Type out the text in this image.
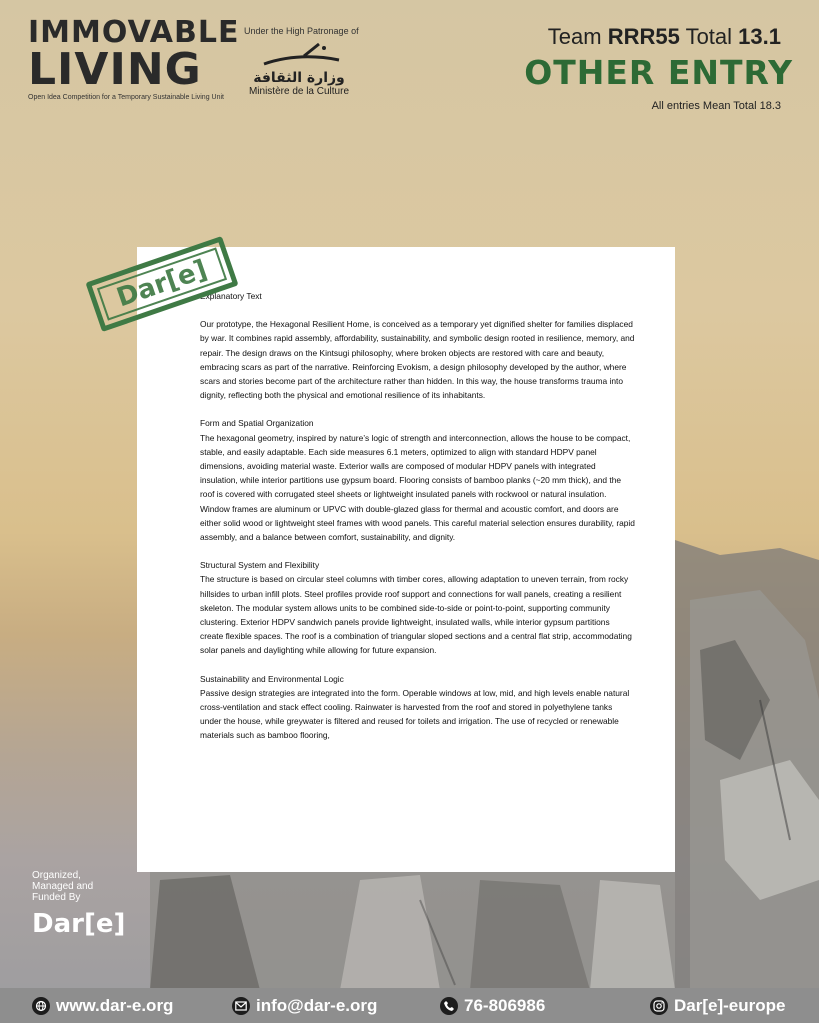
IMMOVABLE
LIVING
Open Idea Competition for a Temporary Sustainable Living Unit
Under the High Patronage of
وزارة الثقافة
Ministère de la Culture
Team RRR55 Total 13.1
OTHER ENTRY
All entries Mean Total 18.3
Explanatory Text

Our prototype, the Hexagonal Resilient Home, is conceived as a temporary yet dignified shelter for families displaced by war. It combines rapid assembly, affordability, sustainability, and symbolic design rooted in resilience, memory, and repair. The design draws on the Kintsugi philosophy, where broken objects are restored with care and beauty, embracing scars as part of the narrative. Reinforcing Evokism, a design philosophy developed by the author, where scars and stories become part of the architecture rather than hidden. In this way, the house transforms trauma into dignity, reflecting both the physical and emotional resilience of its inhabitants.

Form and Spatial Organization

The hexagonal geometry, inspired by nature’s logic of strength and interconnection, allows the house to be compact, stable, and easily adaptable. Each side measures 6.1 meters, optimized to align with standard HDPV panel dimensions, avoiding material waste. Exterior walls are composed of modular HDPV panels with integrated insulation, while interior partitions use gypsum board. Flooring consists of bamboo planks (~20 mm thick), and the roof is covered with corrugated steel sheets or lightweight insulated panels with rockwool or natural insulation. Window frames are aluminum or UPVC with double-glazed glass for thermal and acoustic comfort, and doors are either solid wood or lightweight steel frames with wood panels. This careful material selection ensures durability, rapid assembly, and a balance between comfort, sustainability, and dignity.

Structural System and Flexibility

The structure is based on circular steel columns with timber cores, allowing adaptation to uneven terrain, from rocky hillsides to urban infill plots. Steel profiles provide roof support and connections for wall panels, creating a resilient skeleton. The modular system allows units to be combined side-to-side or point-to-point, supporting community clustering. Exterior HDPV sandwich panels provide lightweight, insulated walls, while interior gypsum partitions create flexible spaces. The roof is a combination of triangular sloped sections and a central flat strip, accommodating solar panels and daylighting while allowing for future expansion.

Sustainability and Environmental Logic

Passive design strategies are integrated into the form. Operable windows at low, mid, and high levels enable natural cross-ventilation and stack effect cooling. Rainwater is harvested from the roof and stored in polyethylene tanks under the house, while greywater is filtered and reused for toilets and irrigation. The use of recycled or renewable materials such as bamboo flooring,

Dar[e]
Organized, Managed and Funded By
Dar[e]
www.dar-e.org	info@dar-e.org	76-806986	Dar[e]-europe
